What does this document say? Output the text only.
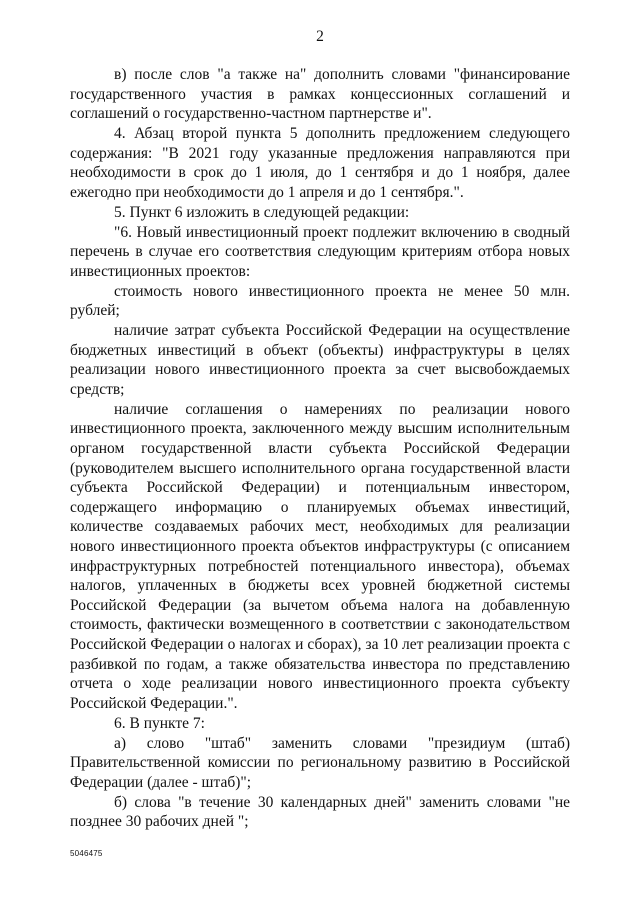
2

в) после слов "а также на" дополнить словами "финансирование государственного участия в рамках концессионных соглашений и соглашений о государственно-частном партнерстве и".

4. Абзац второй пункта 5 дополнить предложением следующего содержания: "В 2021 году указанные предложения направляются при необходимости в срок до 1 июля, до 1 сентября и до 1 ноября, далее ежегодно при необходимости до 1 апреля и до 1 сентября.".

5. Пункт 6 изложить в следующей редакции:

"6. Новый инвестиционный проект подлежит включению в сводный перечень в случае его соответствия следующим критериям отбора новых инвестиционных проектов:

стоимость нового инвестиционного проекта не менее 50 млн. рублей;

наличие затрат субъекта Российской Федерации на осуществление бюджетных инвестиций в объект (объекты) инфраструктуры в целях реализации нового инвестиционного проекта за счет высвобождаемых средств;

наличие соглашения о намерениях по реализации нового инвестиционного проекта, заключенного между высшим исполнительным органом государственной власти субъекта Российской Федерации (руководителем высшего исполнительного органа государственной власти субъекта Российской Федерации) и потенциальным инвестором, содержащего информацию о планируемых объемах инвестиций, количестве создаваемых рабочих мест, необходимых для реализации нового инвестиционного проекта объектов инфраструктуры (с описанием инфраструктурных потребностей потенциального инвестора), объемах налогов, уплаченных в бюджеты всех уровней бюджетной системы Российской Федерации (за вычетом объема налога на добавленную стоимость, фактически возмещенного в соответствии с законодательством Российской Федерации о налогах и сборах), за 10 лет реализации проекта с разбивкой по годам, а также обязательства инвестора по представлению отчета о ходе реализации нового инвестиционного проекта субъекту Российской Федерации.".

6. В пункте 7:

а) слово "штаб" заменить словами "президиум (штаб) Правительственной комиссии по региональному развитию в Российской Федерации (далее - штаб)";

б) слова "в течение 30 календарных дней" заменить словами "не позднее 30 рабочих дней ";

5046475
